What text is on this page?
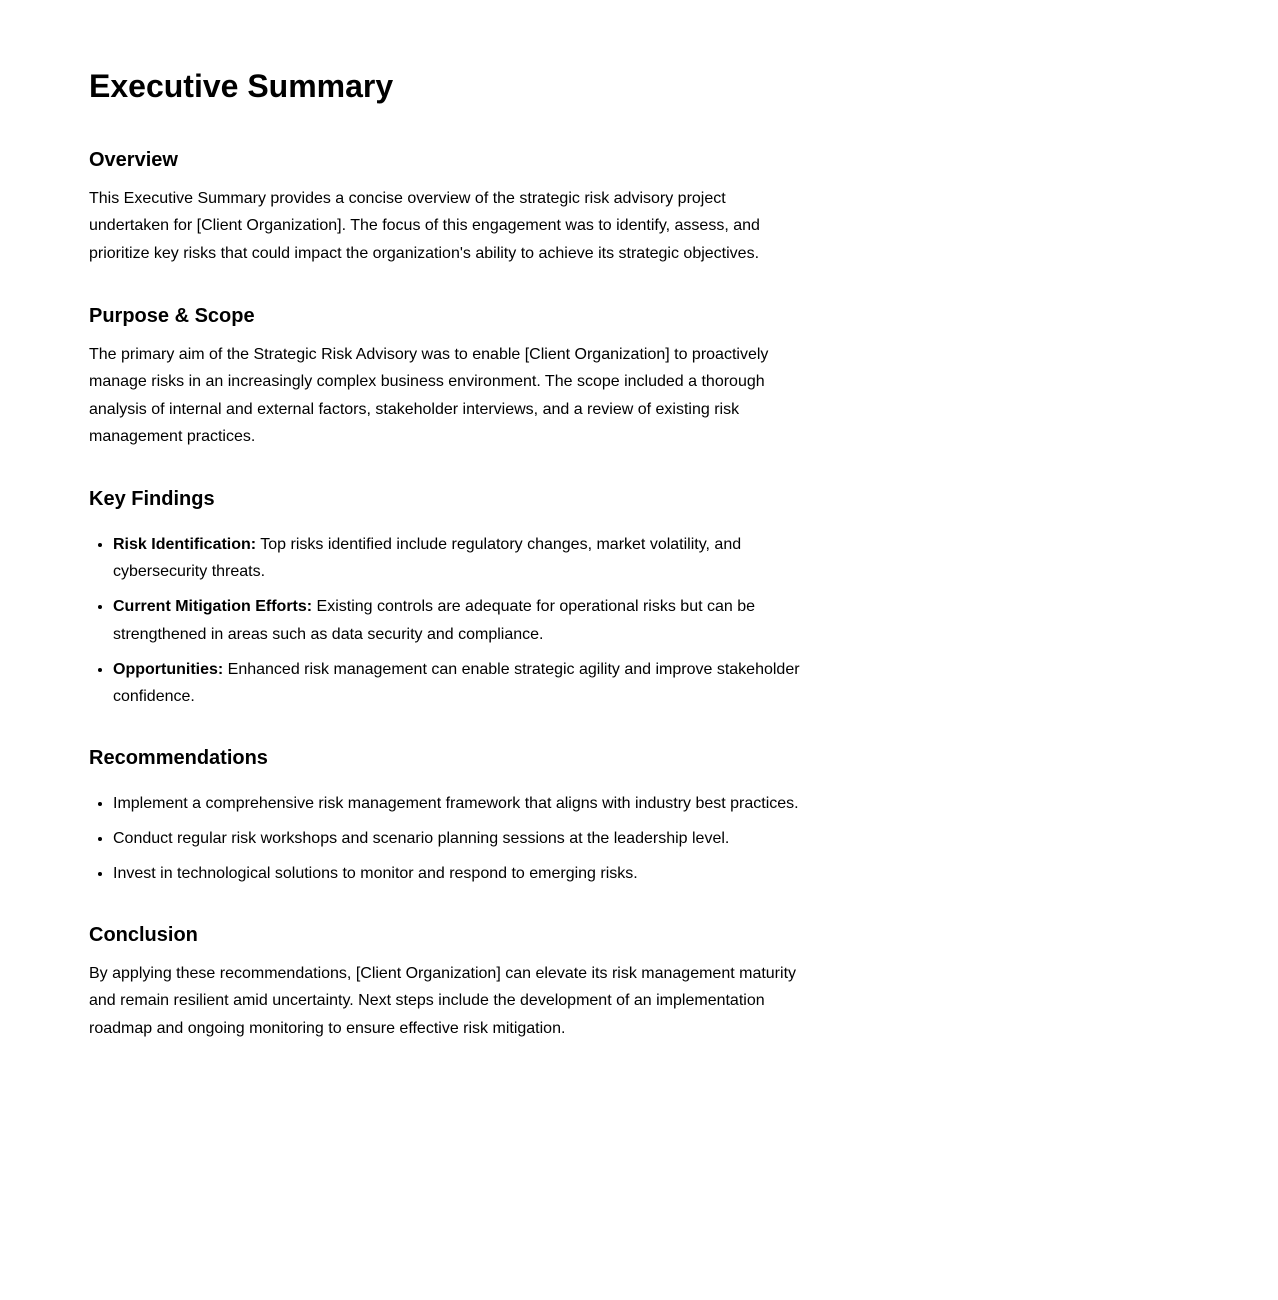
Executive Summary
Overview

This Executive Summary provides a concise overview of the strategic risk advisory project undertaken for [Client Organization]. The focus of this engagement was to identify, assess, and prioritize key risks that could impact the organization's ability to achieve its strategic objectives.

Purpose & Scope

The primary aim of the Strategic Risk Advisory was to enable [Client Organization] to proactively manage risks in an increasingly complex business environment. The scope included a thorough analysis of internal and external factors, stakeholder interviews, and a review of existing risk management practices.

Key Findings
• Risk Identification: Top risks identified include regulatory changes, market volatility, and cybersecurity threats.
• Current Mitigation Efforts: Existing controls are adequate for operational risks but can be strengthened in areas such as data security and compliance.
• Opportunities: Enhanced risk management can enable strategic agility and improve stakeholder confidence.
Recommendations
• Implement a comprehensive risk management framework that aligns with industry best practices.
• Conduct regular risk workshops and scenario planning sessions at the leadership level.
• Invest in technological solutions to monitor and respond to emerging risks.
Conclusion

By applying these recommendations, [Client Organization] can elevate its risk management maturity and remain resilient amid uncertainty. Next steps include the development of an implementation roadmap and ongoing monitoring to ensure effective risk mitigation.
